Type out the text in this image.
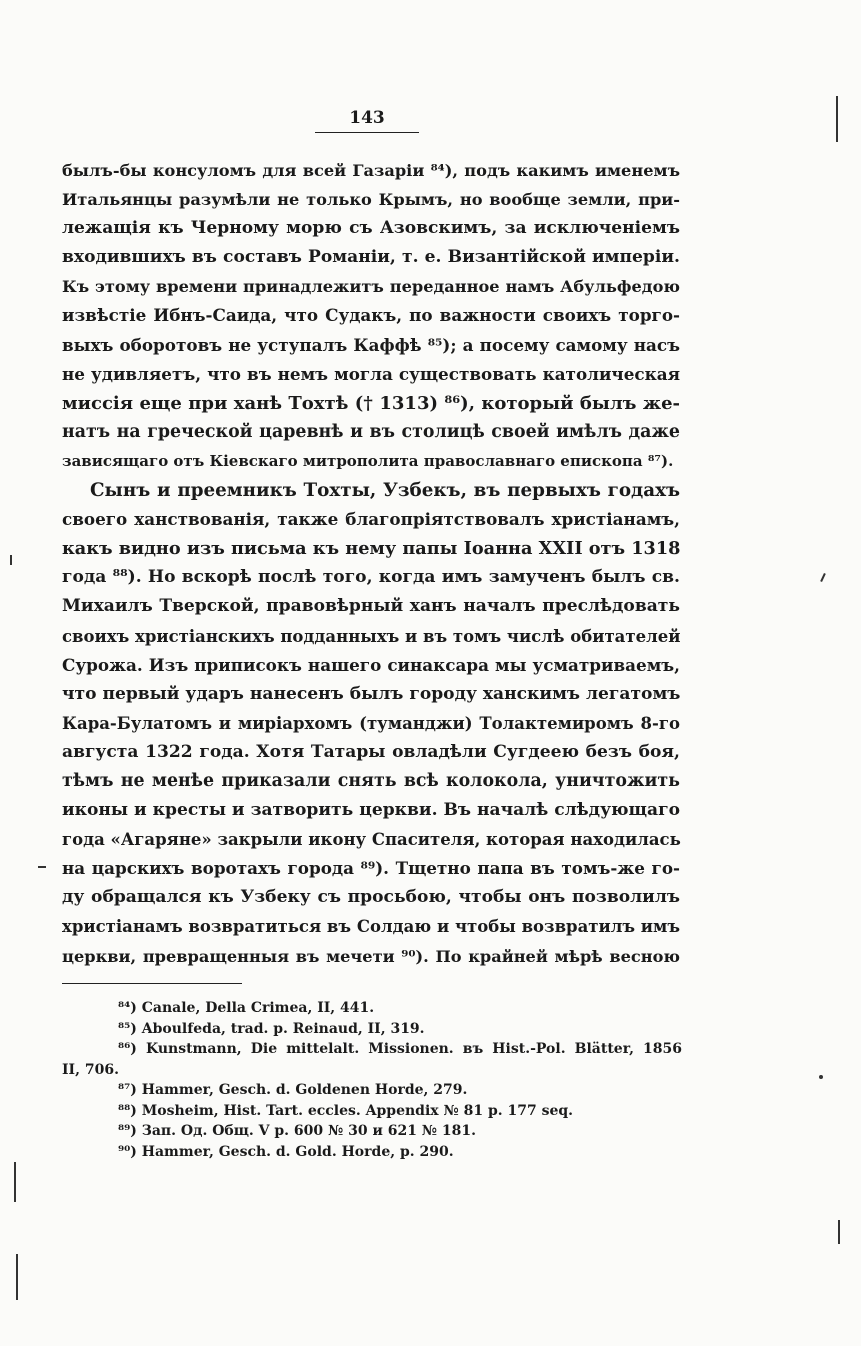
143
былъ-бы консуломъ для всей Газаріи ⁸⁴), подъ какимъ именемъ
Итальянцы разумѣли не только Крымъ, но вообще земли, при-
лежащія къ Черному морю съ Азовскимъ, за исключеніемъ
входившихъ въ составъ Романіи, т. е. Византійской имперіи.
Къ этому времени принадлежитъ переданное намъ Абульфедою
извѣстіе Ибнъ-Саида, что Судакъ, по важности своихъ торго-
выхъ оборотовъ не уступалъ Каффѣ ⁸⁵); а посему самому насъ
не удивляетъ, что въ немъ могла существовать католическая
миссія еще при ханѣ Тохтѣ († 1313) ⁸⁶), который былъ же-
натъ на греческой царевнѣ и въ столицѣ своей имѣлъ даже
зависящаго отъ Кіевскаго митрополита православнаго епископа ⁸⁷).
Сынъ и преемникъ Тохты, Узбекъ, въ первыхъ годахъ
своего ханствованія, также благопріятствовалъ христіанамъ,
какъ видно изъ письма къ нему папы Іоанна XXII отъ 1318
года ⁸⁸). Но вскорѣ послѣ того, когда имъ замученъ былъ св.
Михаилъ Тверской, правовѣрный ханъ началъ преслѣдовать
своихъ христіанскихъ подданныхъ и въ томъ числѣ обитателей
Сурожа. Изъ приписокъ нашего синаксара мы усматриваемъ,
что первый ударъ нанесенъ былъ городу ханскимъ легатомъ
Кара-Булатомъ и миріархомъ (туманджи) Толактемиромъ 8-го
августа 1322 года. Хотя Татары овладѣли Сугдеею безъ боя,
тѣмъ не менѣе приказали снять всѣ колокола, уничтожить
иконы и кресты и затворить церкви. Въ началѣ слѣдующаго
года «Агаряне» закрыли икону Спасителя, которая находилась
на царскихъ воротахъ города ⁸⁹). Тщетно папа въ томъ-же го-
ду обращался къ Узбеку съ просьбою, чтобы онъ позволилъ
христіанамъ возвратиться въ Солдаю и чтобы возвратилъ имъ
церкви, превращенныя въ мечети ⁹⁰). По крайней мѣрѣ весною
⁸⁴) Canale, Della Crimea, II, 441.
⁸⁵) Aboulfeda, trad. p. Reinaud, II, 319.
⁸⁶) Kunstmann, Die mittelalt. Missionen. въ Hist.-Pol. Blätter, 1856
II, 706.
⁸⁷) Hammer, Gesch. d. Goldenen Horde, 279.
⁸⁸) Mosheim, Hist. Tart. eccles. Appendix № 81 p. 177 seq.
⁸⁹) Зап. Од. Общ. V р. 600 № 30 и 621 № 181.
⁹⁰) Hammer, Gesch. d. Gold. Horde, p. 290.
